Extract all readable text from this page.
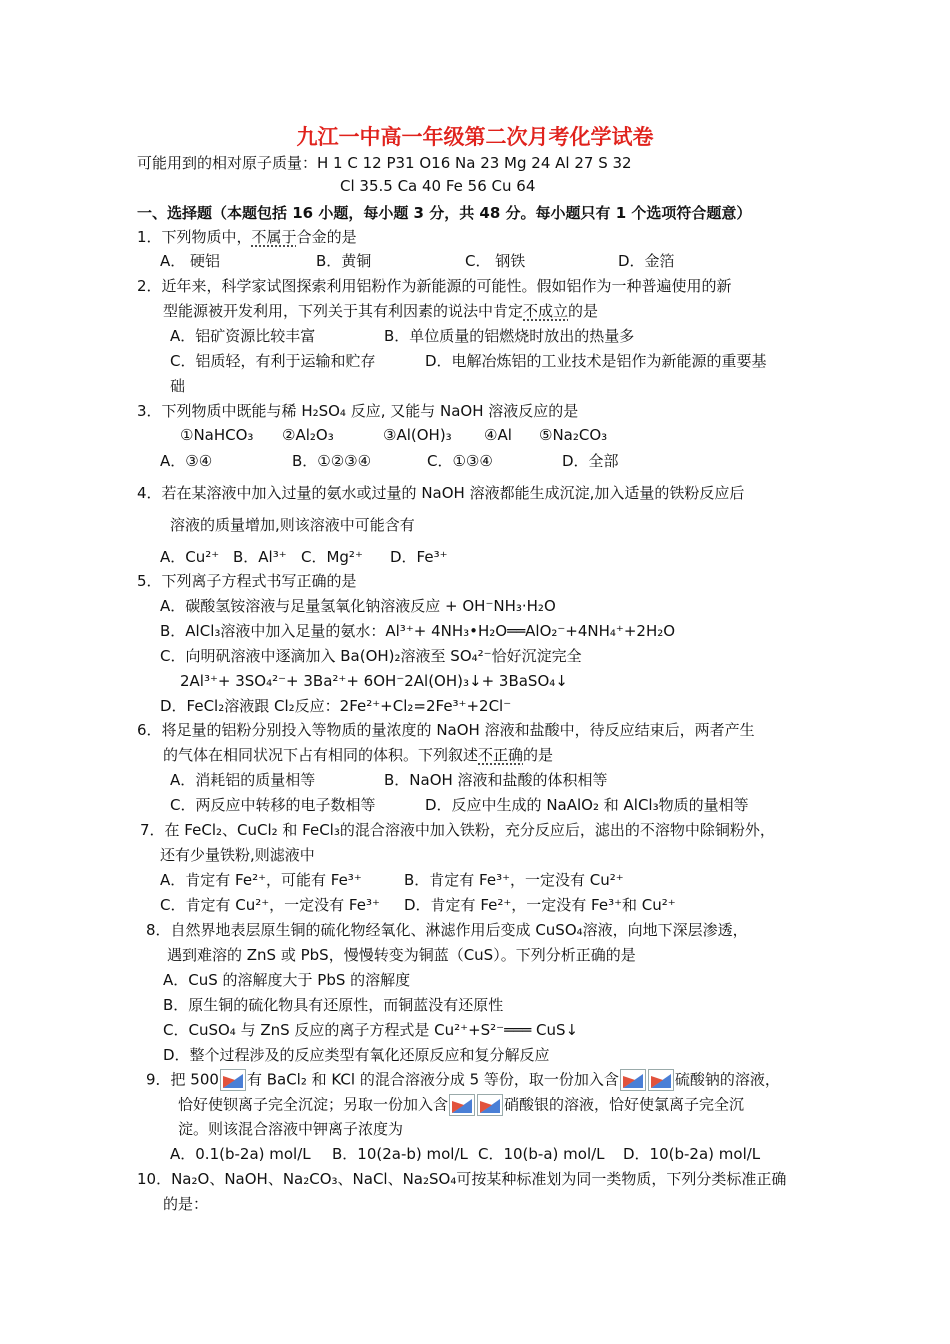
九江一中高一年级第二次月考化学试卷
可能用到的相对原子质量：H 1 C 12 P31 O16 Na 23 Mg 24 Al 27 S 32
Cl 35.5 Ca 40 Fe 56 Cu 64
一、选择题（本题包括 16 小题，每小题 3 分，共 48 分。每小题只有 1 个选项符合题意）
1．下列物质中，不属于合金的是
A． 硬铝	B．黄铜	C． 钢铁	D．金箔
2．近年来，科学家试图探索利用铝粉作为新能源的可能性。假如铝作为一种普遍使用的新
型能源被开发利用，下列关于其有利因素的说法中肯定不成立的是
A．铝矿资源比较丰富	B．单位质量的铝燃烧时放出的热量多
C．铝质轻，有利于运输和贮存	D．电解冶炼铝的工业技术是铝作为新能源的重要基
础
3．下列物质中既能与稀 H₂SO₄ 反应, 又能与 NaOH 溶液反应的是
①NaHCO₃ ②Al₂O₃	③Al(OH)₃ ④Al ⑤Na₂CO₃
A．③④	B．①②③④	C．①③④	D．全部
4．若在某溶液中加入过量的氨水或过量的 NaOH 溶液都能生成沉淀,加入适量的铁粉反应后
溶液的质量增加,则该溶液中可能含有
A．Cu²⁺ B．Al³⁺ C．Mg²⁺ D．Fe³⁺
5．下列离子方程式书写正确的是
A．碳酸氢铵溶液与足量氢氧化钠溶液反应 + OH⁻NH₃·H₂O
B．AlCl₃溶液中加入足量的氨水：Al³⁺+ 4NH₃•H₂O══AlO₂⁻+4NH₄⁺+2H₂O
C．向明矾溶液中逐滴加入 Ba(OH)₂溶液至 SO₄²⁻恰好沉淀完全
2Al³⁺+ 3SO₄²⁻+ 3Ba²⁺+ 6OH⁻2Al(OH)₃↓+ 3BaSO₄↓
D．FeCl₂溶液跟 Cl₂反应：2Fe²⁺+Cl₂=2Fe³⁺+2Cl⁻
6．将足量的铝粉分别投入等物质的量浓度的 NaOH 溶液和盐酸中，待反应结束后，两者产生
的气体在相同状况下占有相同的体积。下列叙述不正确的是
A．消耗铝的质量相等	B．NaOH 溶液和盐酸的体积相等
C．两反应中转移的电子数相等	D．反应中生成的 NaAlO₂ 和 AlCl₃物质的量相等
7．在 FeCl₂、CuCl₂ 和 FeCl₃的混合溶液中加入铁粉，充分反应后，滤出的不溶物中除铜粉外，
还有少量铁粉,则滤液中
A．肯定有 Fe²⁺，可能有 Fe³⁺	B．肯定有 Fe³⁺，一定没有 Cu²⁺
C．肯定有 Cu²⁺，一定没有 Fe³⁺ D．肯定有 Fe²⁺，一定没有 Fe³⁺和 Cu²⁺
8．自然界地表层原生铜的硫化物经氧化、淋滤作用后变成 CuSO₄溶液，向地下深层渗透，
遇到难溶的 ZnS 或 PbS，慢慢转变为铜蓝（CuS）。下列分析正确的是
A．CuS 的溶解度大于 PbS 的溶解度
B．原生铜的硫化物具有还原性，而铜蓝没有还原性
C．CuSO₄ 与 ZnS 反应的离子方程式是 Cu²⁺+S²⁻═══ CuS↓
D．整个过程涉及的反应类型有氧化还原反应和复分解反应
9．把 500 有 BaCl₂ 和 KCl 的混合溶液分成 5 等份，取一份加入含	硫酸钠的溶液，
恰好使钡离子完全沉淀；另取一份加入含	硝酸银的溶液，恰好使氯离子完全沉
淀。则该混合溶液中钾离子浓度为
A．0.1(b-2a) mol/L B．10(2a-b) mol/L C．10(b-a) mol/L D．10(b-2a) mol/L
10．Na₂O、NaOH、Na₂CO₃、NaCl、Na₂SO₄可按某种标准划为同一类物质，下列分类标准正确
的是：
